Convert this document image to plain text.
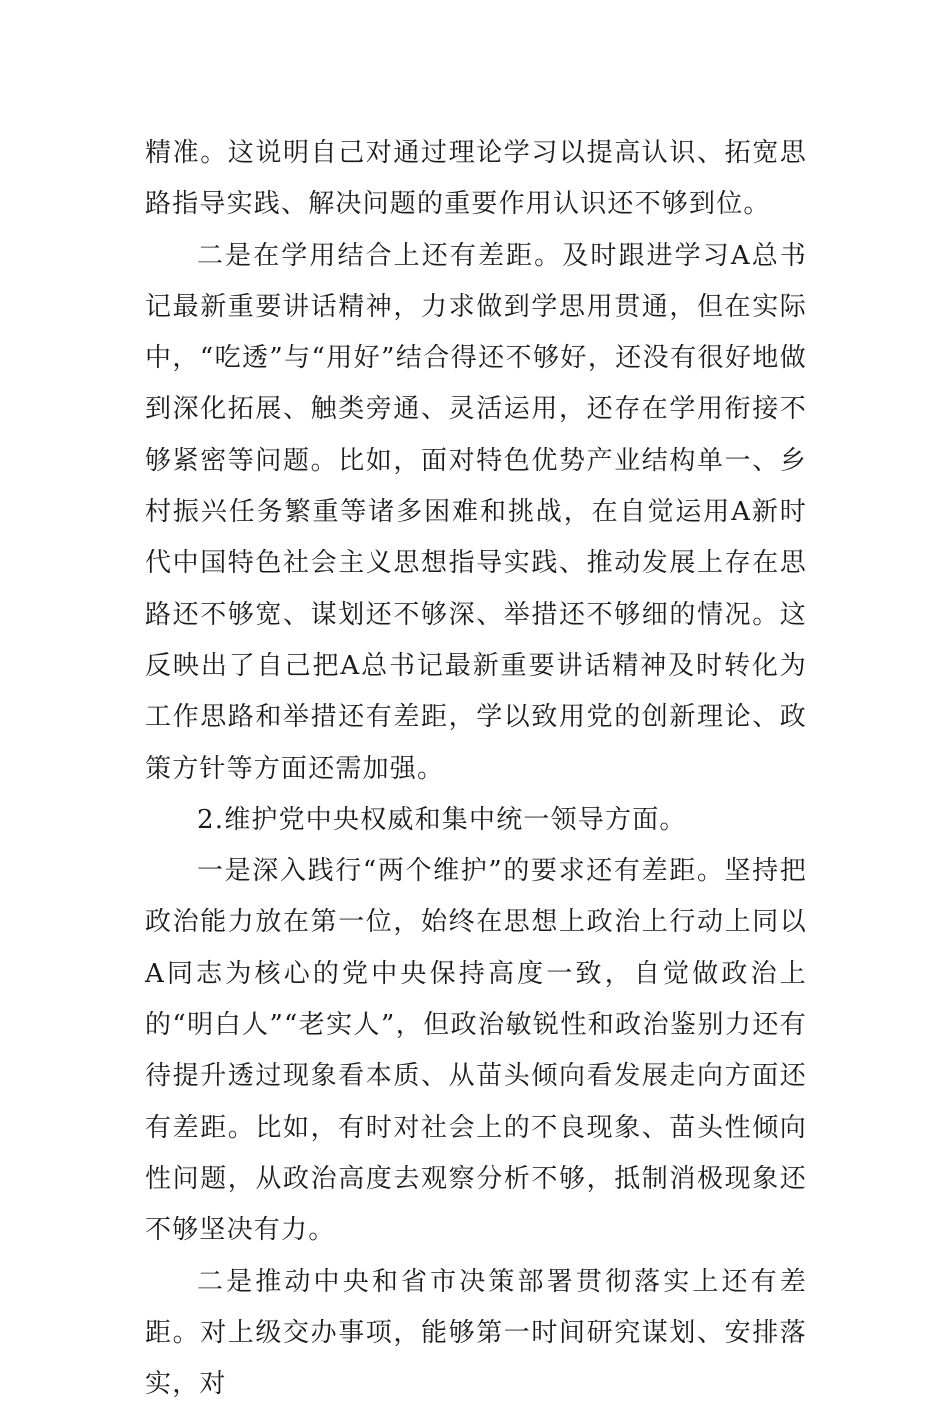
精准。这说明自己对通过理论学习以提高认识、拓宽思路指导实践、解决问题的重要作用认识还不够到位。

二是在学用结合上还有差距。及时跟进学习A总书记最新重要讲话精神，力求做到学思用贯通，但在实际中，“吃透”与“用好”结合得还不够好，还没有很好地做到深化拓展、触类旁通、灵活运用，还存在学用衔接不够紧密等问题。比如，面对特色优势产业结构单一、乡村振兴任务繁重等诸多困难和挑战，在自觉运用A新时代中国特色社会主义思想指导实践、推动发展上存在思路还不够宽、谋划还不够深、举措还不够细的情况。这反映出了自己把A总书记最新重要讲话精神及时转化为工作思路和举措还有差距，学以致用党的创新理论、政策方针等方面还需加强。

2.维护党中央权威和集中统一领导方面。

一是深入践行“两个维护”的要求还有差距。坚持把政治能力放在第一位，始终在思想上政治上行动上同以A同志为核心的党中央保持高度一致，自觉做政治上的“明白人”“老实人”，但政治敏锐性和政治鉴别力还有待提升透过现象看本质、从苗头倾向看发展走向方面还有差距。比如，有时对社会上的不良现象、苗头性倾向性问题，从政治高度去观察分析不够，抵制消极现象还不够坚决有力。

二是推动中央和省市决策部署贯彻落实上还有差距。对上级交办事项，能够第一时间研究谋划、安排落实，对
